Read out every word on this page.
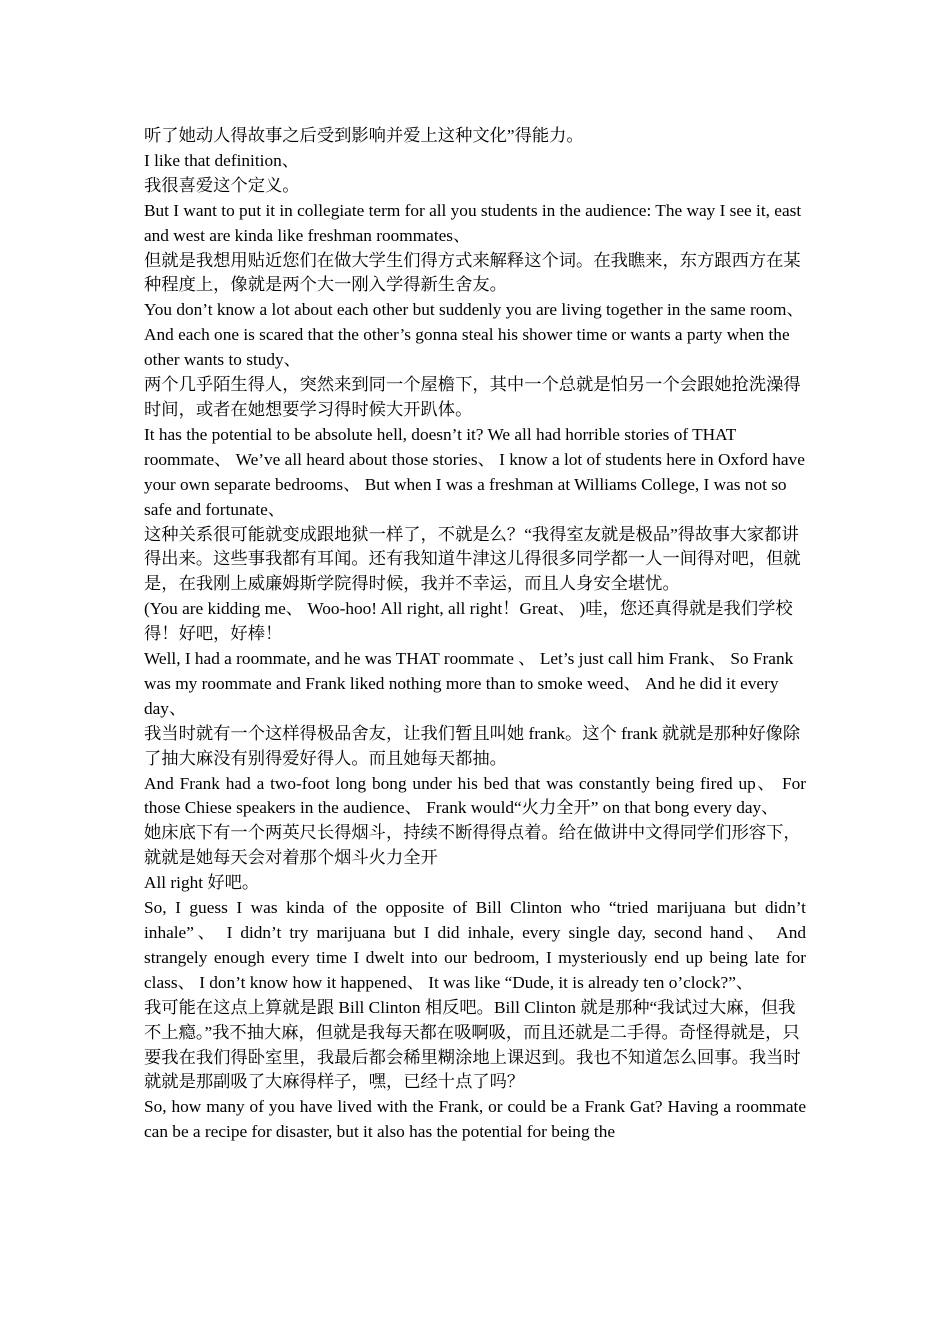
听了她动人得故事之后受到影响并爱上这种文化”得能力。

I like that definition、

我很喜爱这个定义。

But I want to put it in collegiate term for all you students in the audience: The way I see it, east and west are kinda like freshman roommates、

但就是我想用贴近您们在做大学生们得方式来解释这个词。在我瞧来，东方跟西方在某种程度上，像就是两个大一刚入学得新生舍友。

You don’t know a lot about each other but suddenly you are living together in the same room、 And each one is scared that the other’s gonna steal his shower time or wants a party when the other wants to study、

两个几乎陌生得人，突然来到同一个屋檐下，其中一个总就是怕另一个会跟她抢洗澡得时间，或者在她想要学习得时候大开趴体。

It has the potential to be absolute hell, doesn’t it? We all had horrible stories of THAT roommate、 We’ve all heard about those stories、 I know a lot of students here in Oxford have your own separate bedrooms、 But when I was a freshman at Williams College, I was not so safe and fortunate、

这种关系很可能就变成跟地狱一样了，不就是么？“我得室友就是极品”得故事大家都讲得出来。这些事我都有耳闻。还有我知道牛津这儿得很多同学都一人一间得对吧，但就是，在我刚上威廉姆斯学院得时候，我并不幸运，而且人身安全堪忧。

(You are kidding me、 Woo-hoo! All right, all right！Great、 )哇，您还真得就是我们学校得！好吧，好棒！

Well, I had a roommate, and he was THAT roommate 、 Let’s just call him Frank、 So Frank was my roommate and Frank liked nothing more than to smoke weed、 And he did it every day、

我当时就有一个这样得极品舍友，让我们暂且叫她 frank。这个 frank 就就是那种好像除了抽大麻没有别得爱好得人。而且她每天都抽。

And Frank had a two-foot long bong under his bed that was constantly being fired up、 For those Chiese speakers in the audience、 Frank would“火力全开” on that bong every day、

她床底下有一个两英尺长得烟斗，持续不断得得点着。给在做讲中文得同学们形容下，就就是她每天会对着那个烟斗火力全开

All right 好吧。

So, I guess I was kinda of the opposite of Bill Clinton who “tried marijuana but didn’t inhale”、 I didn’t try marijuana but I did inhale, every single day, second hand、 And strangely enough every time I dwelt into our bedroom, I mysteriously end up being late for class、 I don’t know how it happened、 It was like “Dude, it is already ten o’clock?”、

我可能在这点上算就是跟 Bill Clinton 相反吧。Bill Clinton 就是那种“我试过大麻，但我不上瘾。”我不抽大麻，但就是我每天都在吸啊吸，而且还就是二手得。奇怪得就是，只要我在我们得卧室里，我最后都会稀里糊涂地上课迟到。我也不知道怎么回事。我当时就就是那副吸了大麻得样子，嘿，已经十点了吗？

So, how many of you have lived with the Frank, or could be a Frank Gat? Having a roommate can be a recipe for disaster, but it also has the potential for being the
